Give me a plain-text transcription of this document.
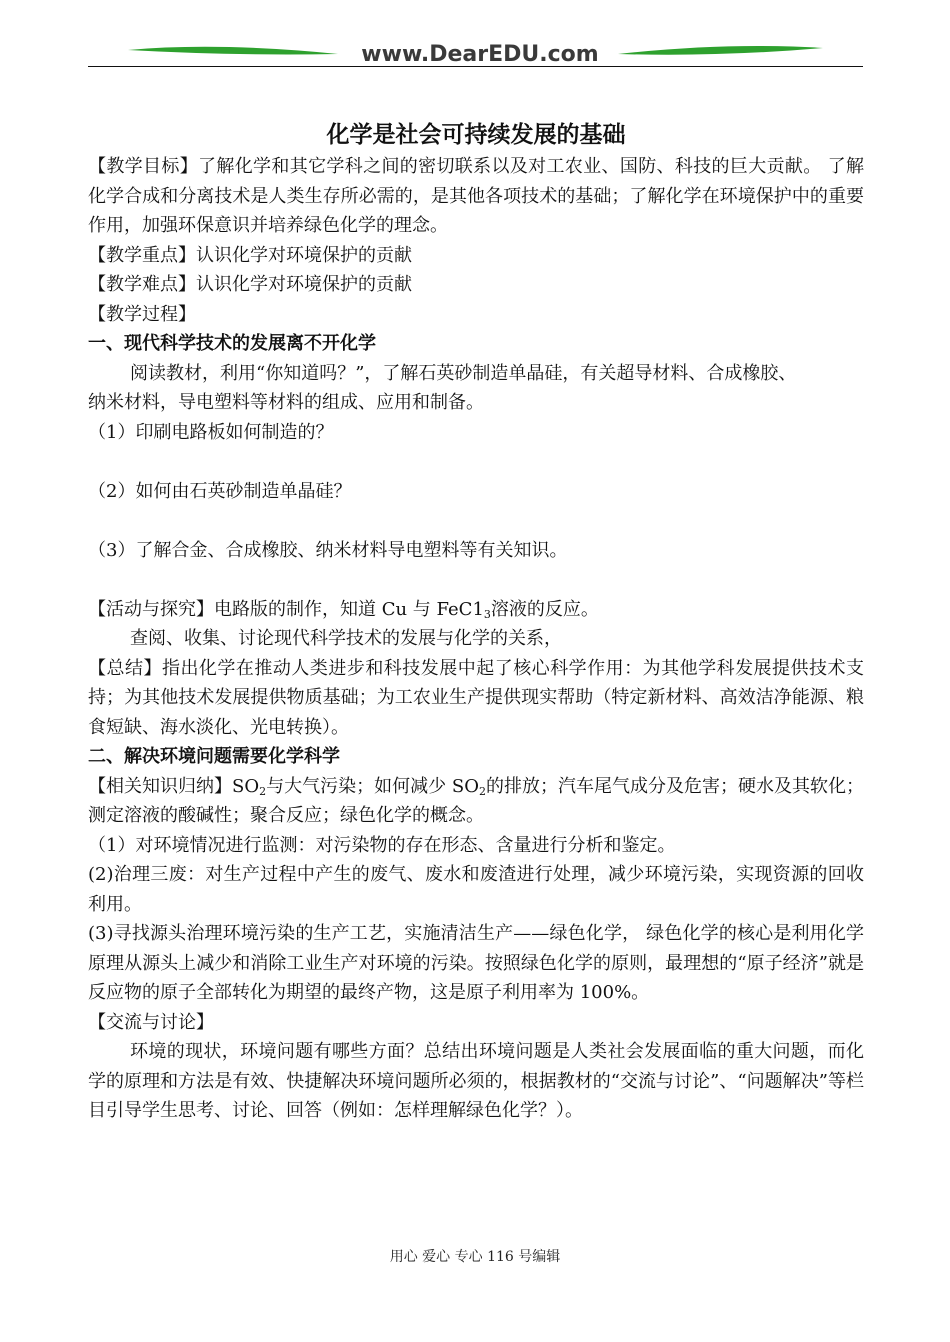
www.DearEDU.com
化学是社会可持续发展的基础

【教学目标】了解化学和其它学科之间的密切联系以及对工农业、国防、科技的巨大贡献。 了解化学合成和分离技术是人类生存所必需的，是其他各项技术的基础；了解化学在环境保护中的重要作用，加强环保意识并培养绿色化学的理念。

【教学重点】认识化学对环境保护的贡献

【教学难点】认识化学对环境保护的贡献

【教学过程】

一、现代科学技术的发展离不开化学

阅读教材，利用“你知道吗？”，了解石英砂制造单晶硅，有关超导材料、合成橡胶、

纳米材料，导电塑料等材料的组成、应用和制备。

（1）印刷电路板如何制造的？

（2）如何由石英砂制造单晶硅？

（3）了解合金、合成橡胶、纳米材料导电塑料等有关知识。

【活动与探究】电路版的制作，知道 Cu 与 $FeC1_3$溶液的反应。

查阅、收集、讨论现代科学技术的发展与化学的关系，

【总结】指出化学在推动人类进步和科技发展中起了核心科学作用：为其他学科发展提供技术支持；为其他技术发展提供物质基础；为工农业生产提供现实帮助（特定新材料、高效洁净能源、粮食短缺、海水淡化、光电转换）。

二、解决环境问题需要化学科学

【相关知识归纳】$SO_2$与大气污染；如何减少 $SO_2$的排放；汽车尾气成分及危害；硬水及其软化；测定溶液的酸碱性；聚合反应；绿色化学的概念。

（1）对环境情况进行监测：对污染物的存在形态、含量进行分析和鉴定。

(2)治理三废：对生产过程中产生的废气、废水和废渣进行处理，减少环境污染，实现资源的回收利用。

(3)寻找源头治理环境污染的生产工艺，实施清洁生产——绿色化学， 绿色化学的核心是利用化学原理从源头上减少和消除工业生产对环境的污染。按照绿色化学的原则，最理想的“原子经济”就是反应物的原子全部转化为期望的最终产物，这是原子利用率为 100%。

【交流与讨论】

环境的现状，环境问题有哪些方面？总结出环境问题是人类社会发展面临的重大问题，而化学的原理和方法是有效、快捷解决环境问题所必须的，根据教材的“交流与讨论”、“问题解决”等栏目引导学生思考、讨论、回答（例如：怎样理解绿色化学？）。

用心 爱心 专心 116 号编辑
